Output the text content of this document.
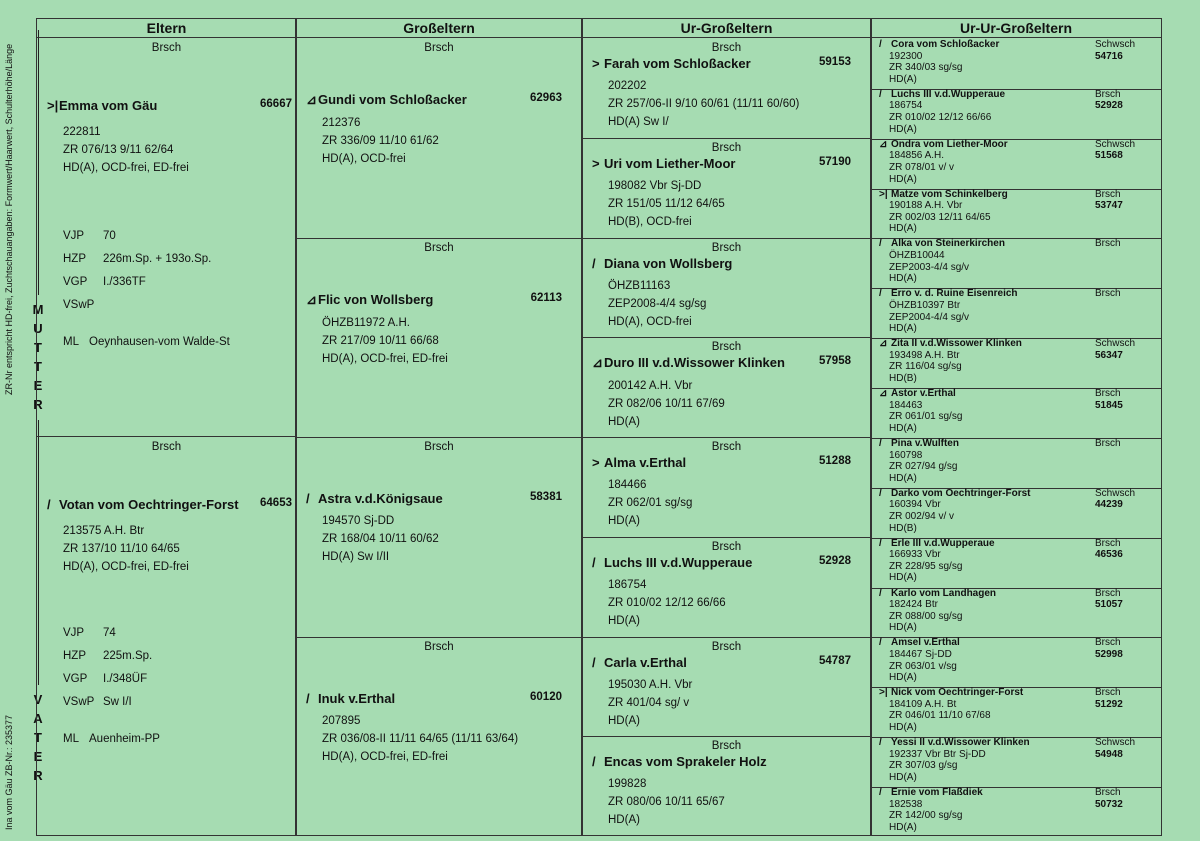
ZR-Nr entspricht HD-frei, Zuchtschauangaben: Formwert/Haarwert, Schulterhöhe/Länge
Ina vom Gäu ZB-Nr.: 235377
M
U
T
T
E
R
V
A
T
E
R
Eltern
Brsch
>|Emma vom Gäu	66667
222811
ZR 076/13 9/11 62/64
HD(A), OCD-frei, ED-frei
VJP 70
HZP 226m.Sp. + 193o.Sp.
VGP I./336TF
VSwP
ML Oeynhausen-vom Walde-St
Brsch
/ Votan vom Oechtringer-Forst 64653
213575 A.H. Btr
ZR 137/10 11/10 64/65
HD(A), OCD-frei, ED-frei
VJP 74
HZP 225m.Sp.
VGP I./348ÜF
VSwP Sw I/I
ML Auenheim-PP
Großeltern
Brsch
⊿Gundi vom Schloßacker	62963
212376
ZR 336/09 11/10 61/62
HD(A), OCD-frei
Brsch
⊿Flic von Wollsberg	62113
ÖHZB11972 A.H.
ZR 217/09 10/11 66/68
HD(A), OCD-frei, ED-frei
Brsch
/ Astra v.d.Königsaue	58381
194570 Sj-DD
ZR 168/04 10/11 60/62
HD(A) Sw I/II
Brsch
/ Inuk v.Erthal	60120
207895
ZR 036/08-II 11/11 64/65 (11/11 63/64)
HD(A), OCD-frei, ED-frei
Ur-Großeltern
Brsch
> Farah vom Schloßacker	59153
202202
ZR 257/06-II 9/10 60/61 (11/11 60/60)
HD(A) Sw I/
Brsch
> Uri vom Liether-Moor	57190
198082 Vbr Sj-DD
ZR 151/05 11/12 64/65
HD(B), OCD-frei
Brsch
/ Diana von Wollsberg
ÖHZB11163
ZEP2008-4/4 sg/sg
HD(A), OCD-frei
Brsch
⊿Duro III v.d.Wissower Klinken	57958
200142 A.H. Vbr
ZR 082/06 10/11 67/69
HD(A)
Brsch
> Alma v.Erthal	51288
184466
ZR 062/01 sg/sg
HD(A)
Brsch
/ Luchs III v.d.Wupperaue	52928
186754
ZR 010/02 12/12 66/66
HD(A)
Brsch
/ Carla v.Erthal	54787
195030 A.H. Vbr
ZR 401/04 sg/ v
HD(A)
Brsch
/ Encas vom Sprakeler Holz
199828
ZR 080/06 10/11 65/67
HD(A)
Ur-Ur-Großeltern
/ Cora vom Schloßacker	Schwsch
192300	54716
ZR 340/03 sg/sg
HD(A)
/ Luchs III v.d.Wupperaue	Brsch
186754	52928
ZR 010/02 12/12 66/66
HD(A)
⊿ Ondra vom Liether-Moor	Schwsch
184856 A.H.	51568
ZR 078/01 v/ v
HD(A)
>| Matze vom Schinkelberg	Brsch
190188 A.H. Vbr	53747
ZR 002/03 12/11 64/65
HD(A)
/ Alka von Steinerkirchen	Brsch
ÖHZB10044
ZEP2003-4/4 sg/v
HD(A)
/ Erro v. d. Ruine Eisenreich	Brsch
ÖHZB10397 Btr
ZEP2004-4/4 sg/v
HD(A)
⊿ Zita II v.d.Wissower Klinken	Schwsch
193498 A.H. Btr	56347
ZR 116/04 sg/sg
HD(B)
⊿ Astor v.Erthal	Brsch
184463	51845
ZR 061/01 sg/sg
HD(A)
/ Pina v.Wulften	Brsch
160798
ZR 027/94 g/sg
HD(A)
/ Darko vom Oechtringer-Forst	Schwsch
160394 Vbr	44239
ZR 002/94 v/ v
HD(B)
/ Erle III v.d.Wupperaue	Brsch
166933 Vbr	46536
ZR 228/95 sg/sg
HD(A)
/ Karlo vom Landhagen	Brsch
182424 Btr	51057
ZR 088/00 sg/sg
HD(A)
/ Amsel v.Erthal	Brsch
184467 Sj-DD	52998
ZR 063/01 v/sg
HD(A)
>| Nick vom Oechtringer-Forst	Brsch
184109 A.H. Bt	51292
ZR 046/01 11/10 67/68
HD(A)
/ Yessi II v.d.Wissower Klinken	Schwsch
192337 Vbr Btr Sj-DD	54948
ZR 307/03 g/sg
HD(A)
/ Ernie vom Flaßdiek	Brsch
182538	50732
ZR 142/00 sg/sg
HD(A)
